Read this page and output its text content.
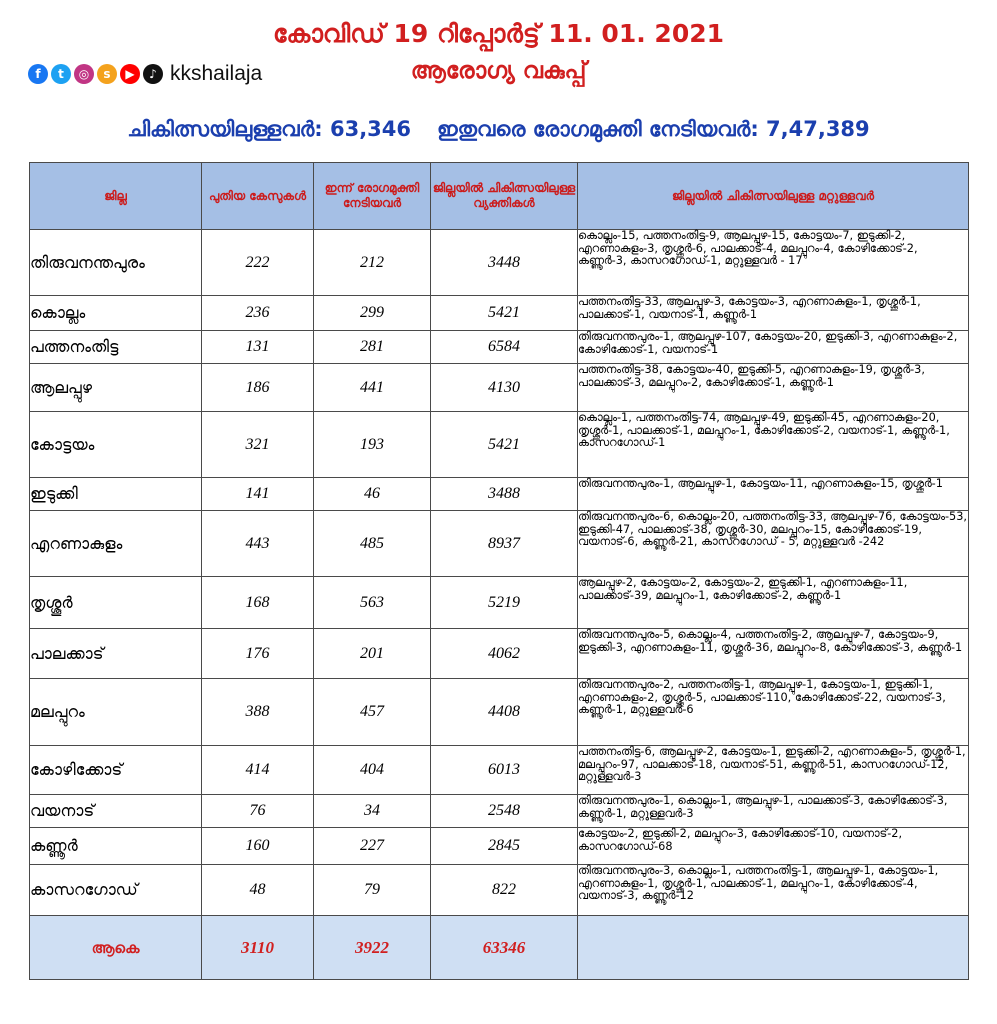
കോവിഡ് 19 റിപ്പോർട്ട് 11. 01. 2021
ആരോഗ്യ വകുപ്പ്
f	t	◎	s	▶	♪ kkshailaja
ചികിത്സയിലുള്ളവർ: 63,346 ഇതുവരെ രോഗമുക്തി നേടിയവർ: 7,47,389
ജില്ല	പുതിയ കേസുകൾ	ഇന്ന് രോഗമുക്തി നേടിയവർ	ജില്ലയിൽ ചികിത്സയിലുള്ള വ്യക്തികൾ	ജില്ലയിൽ ചികിത്സയിലുള്ള മറ്റുള്ളവർ
തിരുവനന്തപുരം	222	212	3448	കൊല്ലം-15, പത്തനംതിട്ട-9, ആലപ്പുഴ-15, കോട്ടയം-7, ഇടുക്കി-2, എറണാകുളം-3, തൃശ്ശൂർ-6, പാലക്കാട്-4, മലപ്പുറം-4, കോഴിക്കോട്-2, കണ്ണൂർ-3, കാസറഗോഡ്-1, മറ്റുള്ളവർ - 17
കൊല്ലം	236	299	5421	പത്തനംതിട്ട-33, ആലപ്പുഴ-3, കോട്ടയം-3, എറണാകുളം-1, തൃശ്ശൂർ-1, പാലക്കാട്-1, വയനാട്-1, കണ്ണൂർ-1
പത്തനംതിട്ട	131	281	6584	തിരുവനന്തപുരം-1, ആലപ്പുഴ-107, കോട്ടയം-20, ഇടുക്കി-3, എറണാകുളം-2, കോഴിക്കോട്-1, വയനാട്-1
ആലപ്പുഴ	186	441	4130	പത്തനംതിട്ട-38, കോട്ടയം-40, ഇടുക്കി-5, എറണാകുളം-19, തൃശ്ശൂർ-3, പാലക്കാട്-3, മലപ്പുറം-2, കോഴിക്കോട്-1, കണ്ണൂർ-1
കോട്ടയം	321	193	5421	കൊല്ലം-1, പത്തനംതിട്ട-74, ആലപ്പുഴ-49, ഇടുക്കി-45, എറണാകുളം-20, തൃശ്ശൂർ-1, പാലക്കാട്-1, മലപ്പുറം-1, കോഴിക്കോട്-2, വയനാട്-1, കണ്ണൂർ-1, കാസറഗോഡ്-1
ഇടുക്കി	141	46	3488	തിരുവനന്തപുരം-1, ആലപ്പുഴ-1, കോട്ടയം-11, എറണാകുളം-15, തൃശ്ശൂർ-1
എറണാകുളം	443	485	8937	തിരുവനന്തപുരം-6, കൊല്ലം-20, പത്തനംതിട്ട-33, ആലപ്പുഴ-76, കോട്ടയം-53, ഇടുക്കി-47, പാലക്കാട്-38, തൃശ്ശൂർ-30, മലപ്പുറം-15, കോഴിക്കോട്-19, വയനാട്-6, കണ്ണൂർ-21, കാസറഗോഡ് - 5, മറ്റുള്ളവർ -242
തൃശ്ശൂർ	168	563	5219	ആലപ്പുഴ-2, കോട്ടയം-2, കോട്ടയം-2, ഇടുക്കി-1, എറണാകുളം-11, പാലക്കാട്-39, മലപ്പുറം-1, കോഴിക്കോട്-2, കണ്ണൂർ-1
പാലക്കാട്	176	201	4062	തിരുവനന്തപുരം-5, കൊല്ലം-4, പത്തനംതിട്ട-2, ആലപ്പുഴ-7, കോട്ടയം-9, ഇടുക്കി-3, എറണാകുളം-11, തൃശ്ശൂർ-36, മലപ്പുറം-8, കോഴിക്കോട്-3, കണ്ണൂർ-1
മലപ്പുറം	388	457	4408	തിരുവനന്തപുരം-2, പത്തനംതിട്ട-1, ആലപ്പുഴ-1, കോട്ടയം-1, ഇടുക്കി-1, എറണാകുളം-2, തൃശ്ശൂർ-5, പാലക്കാട്-110, കോഴിക്കോട്-22, വയനാട്-3, കണ്ണൂർ-1, മറ്റുള്ളവർ-6
കോഴിക്കോട്	414	404	6013	പത്തനംതിട്ട-6, ആലപ്പുഴ-2, കോട്ടയം-1, ഇടുക്കി-2, എറണാകുളം-5, തൃശ്ശൂർ-1, മലപ്പുറം-97, പാലക്കാട്-18, വയനാട്-51, കണ്ണൂർ-51, കാസറഗോഡ്-12, മറ്റുള്ളവർ-3
വയനാട്	76	34	2548	തിരുവനന്തപുരം-1, കൊല്ലം-1, ആലപ്പുഴ-1, പാലക്കാട്-3, കോഴിക്കോട്-3, കണ്ണൂർ-1, മറ്റുള്ളവർ-3
കണ്ണൂർ	160	227	2845	കോട്ടയം-2, ഇടുക്കി-2, മലപ്പുറം-3, കോഴിക്കോട്-10, വയനാട്-2, കാസറഗോഡ്-68
കാസറഗോഡ്	48	79	822	തിരുവനന്തപുരം-3, കൊല്ലം-1, പത്തനംതിട്ട-1, ആലപ്പുഴ-1, കോട്ടയം-1, എറണാകുളം-1, തൃശ്ശൂർ-1, പാലക്കാട്-1, മലപ്പുറം-1, കോഴിക്കോട്-4, വയനാട്-3, കണ്ണൂർ-12
ആകെ	3110	3922	63346	
